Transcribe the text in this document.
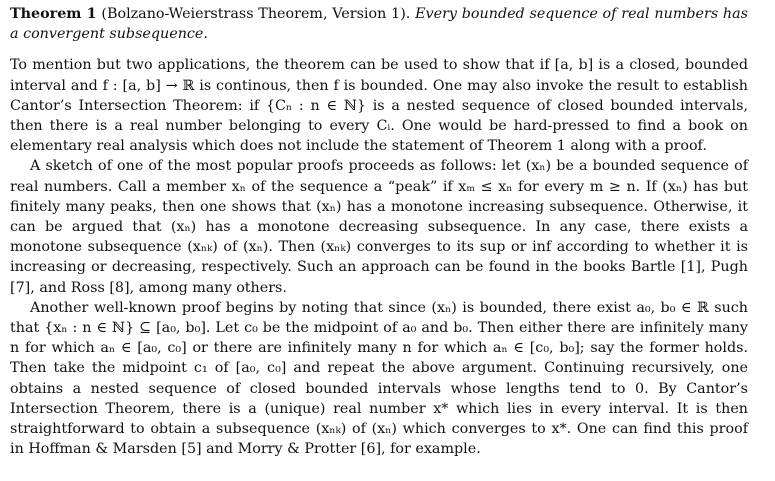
Theorem 1 (Bolzano-Weierstrass Theorem, Version 1). Every bounded sequence of real numbers has a convergent subsequence.

To mention but two applications, the theorem can be used to show that if [a, b] is a closed, bounded interval and f : [a, b] → ℝ is continous, then f is bounded. One may also invoke the result to establish Cantor’s Intersection Theorem: if {Cₙ : n ∈ ℕ} is a nested sequence of closed bounded intervals, then there is a real number belonging to every Cᵢ. One would be hard-pressed to find a book on elementary real analysis which does not include the statement of Theorem 1 along with a proof.

A sketch of one of the most popular proofs proceeds as follows: let (xₙ) be a bounded sequence of real numbers. Call a member xₙ of the sequence a “peak” if xₘ ≤ xₙ for every m ≥ n. If (xₙ) has but finitely many peaks, then one shows that (xₙ) has a monotone increasing subsequence. Otherwise, it can be argued that (xₙ) has a monotone decreasing subsequence. In any case, there exists a monotone subsequence (xₙₖ) of (xₙ). Then (xₙₖ) converges to its sup or inf according to whether it is increasing or decreasing, respectively. Such an approach can be found in the books Bartle [1], Pugh [7], and Ross [8], among many others.

Another well-known proof begins by noting that since (xₙ) is bounded, there exist a₀, b₀ ∈ ℝ such that {xₙ : n ∈ ℕ} ⊆ [a₀, b₀]. Let c₀ be the midpoint of a₀ and b₀. Then either there are infinitely many n for which aₙ ∈ [a₀, c₀] or there are infinitely many n for which aₙ ∈ [c₀, b₀]; say the former holds. Then take the midpoint c₁ of [a₀, c₀] and repeat the above argument. Continuing recursively, one obtains a nested sequence of closed bounded intervals whose lengths tend to 0. By Cantor’s Intersection Theorem, there is a (unique) real number x* which lies in every interval. It is then straightforward to obtain a subsequence (xₙₖ) of (xₙ) which converges to x*. One can find this proof in Hoffman & Marsden [5] and Morry & Protter [6], for example.
